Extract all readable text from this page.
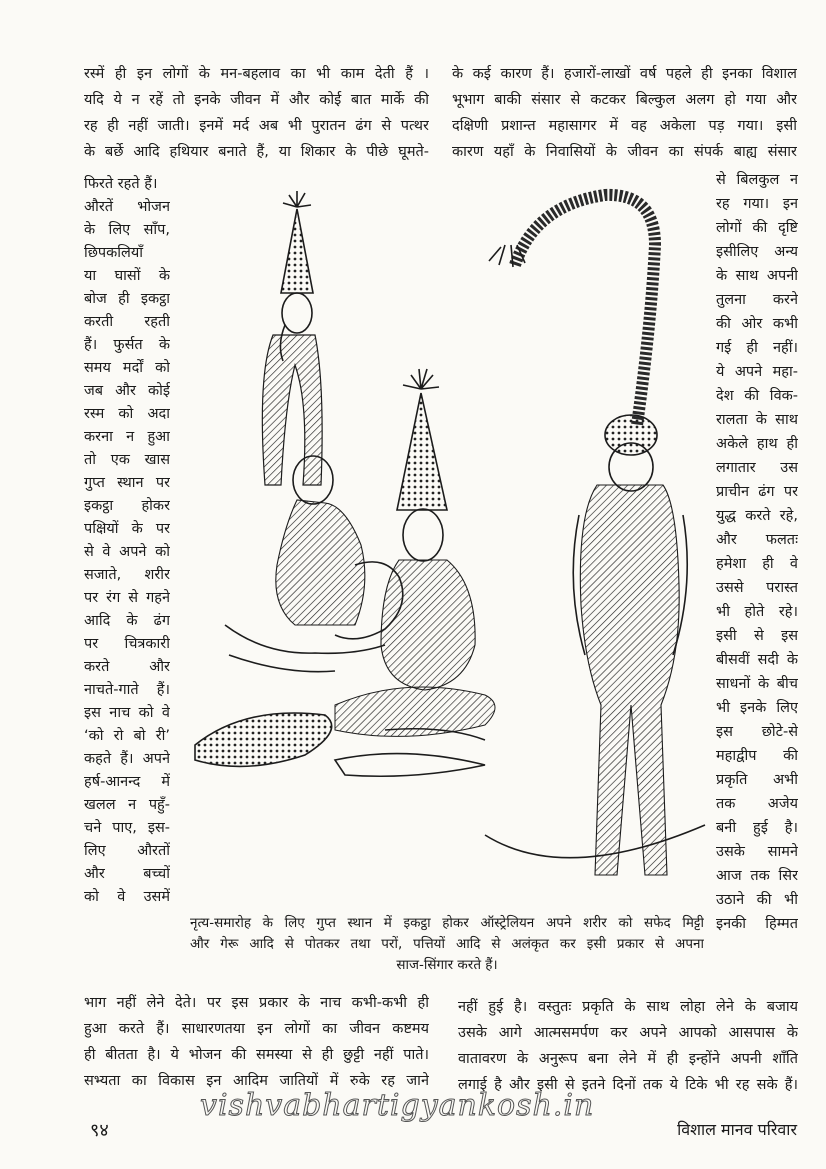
रस्में ही इन लोगों के मन-बहलाव का भी काम देती हैं ।
यदि ये न रहें तो इनके जीवन में और कोई बात मार्के की
रह ही नहीं जाती। इनमें मर्द अब भी पुरातन ढंग से पत्थर
के बर्छे आदि हथियार बनाते हैं, या शिकार के पीछे घूमते-
के कई कारण हैं। हजारों-लाखों वर्ष पहले ही इनका विशाल
भूभाग बाकी संसार से कटकर बिल्कुल अलग हो गया और
दक्षिणी प्रशान्त महासागर में वह अकेला पड़ गया। इसी
कारण यहाँ के निवासियों के जीवन का संपर्क बाह्य संसार
फिरते रहते हैं।
औरतें भोजन
के लिए साँप,
छिपकलियाँ
या घासों के
बोज ही इकट्ठा
करती रहती
हैं। फुर्सत के
समय मर्दों को
जब और कोई
रस्म को अदा
करना न हुआ
तो एक खास
गुप्त स्थान पर
इकट्ठा होकर
पक्षियों के पर
से वे अपने को
सजाते, शरीर
पर रंग से गहने
आदि के ढंग
पर चित्रकारी
करते और
नाचते-गाते हैं।
इस नाच को वे
‘को रो बो री’
कहते हैं। अपने
हर्ष-आनन्द में
खलल न पहुँ-
चने पाए, इस-
लिए औरतों
और बच्चों
को वे उसमें
से बिलकुल न
रह गया। इन
लोगों की दृष्टि
इसीलिए अन्य
के साथ अपनी
तुलना करने
की ओर कभी
गई ही नहीं।
ये अपने महा-
देश की विक-
रालता के साथ
अकेले हाथ ही
लगातार उस
प्राचीन ढंग पर
युद्ध करते रहे,
और फलतः
हमेशा ही वे
उससे परास्त
भी होते रहे।
इसी से इस
बीसवीं सदी के
साधनों के बीच
भी इनके लिए
इस छोटे-से
महाद्वीप की
प्रकृति अभी
तक अजेय
बनी हुई है।
उसके सामने
आज तक सिर
उठाने की भी
इनकी हिम्मत
नृत्य-समारोह के लिए गुप्त स्थान में इकट्ठा होकर ऑस्ट्रेलियन अपने शरीर को सफेद मिट्टी
और गेरू आदि से पोतकर तथा परों, पत्तियों आदि से अलंकृत कर इसी प्रकार से अपना
साज-सिंगार करते हैं।
भाग नहीं लेने देते। पर इस प्रकार के नाच कभी-कभी ही
हुआ करते हैं। साधारणतया इन लोगों का जीवन कष्टमय
ही बीतता है। ये भोजन की समस्या से ही छुट्टी नहीं पाते।
सभ्यता का विकास इन आदिम जातियों में रुके रह जाने
नहीं हुई है। वस्तुतः प्रकृति के साथ लोहा लेने के बजाय
उसके आगे आत्मसमर्पण कर अपने आपको आसपास के
वातावरण के अनुरूप बना लेने में ही इन्होंने अपनी शाँति
लगाई है और इसी से इतने दिनों तक ये टिके भी रह सके हैं।
vishvabhartigyankosh.in
९४	विशाल मानव परिवार
